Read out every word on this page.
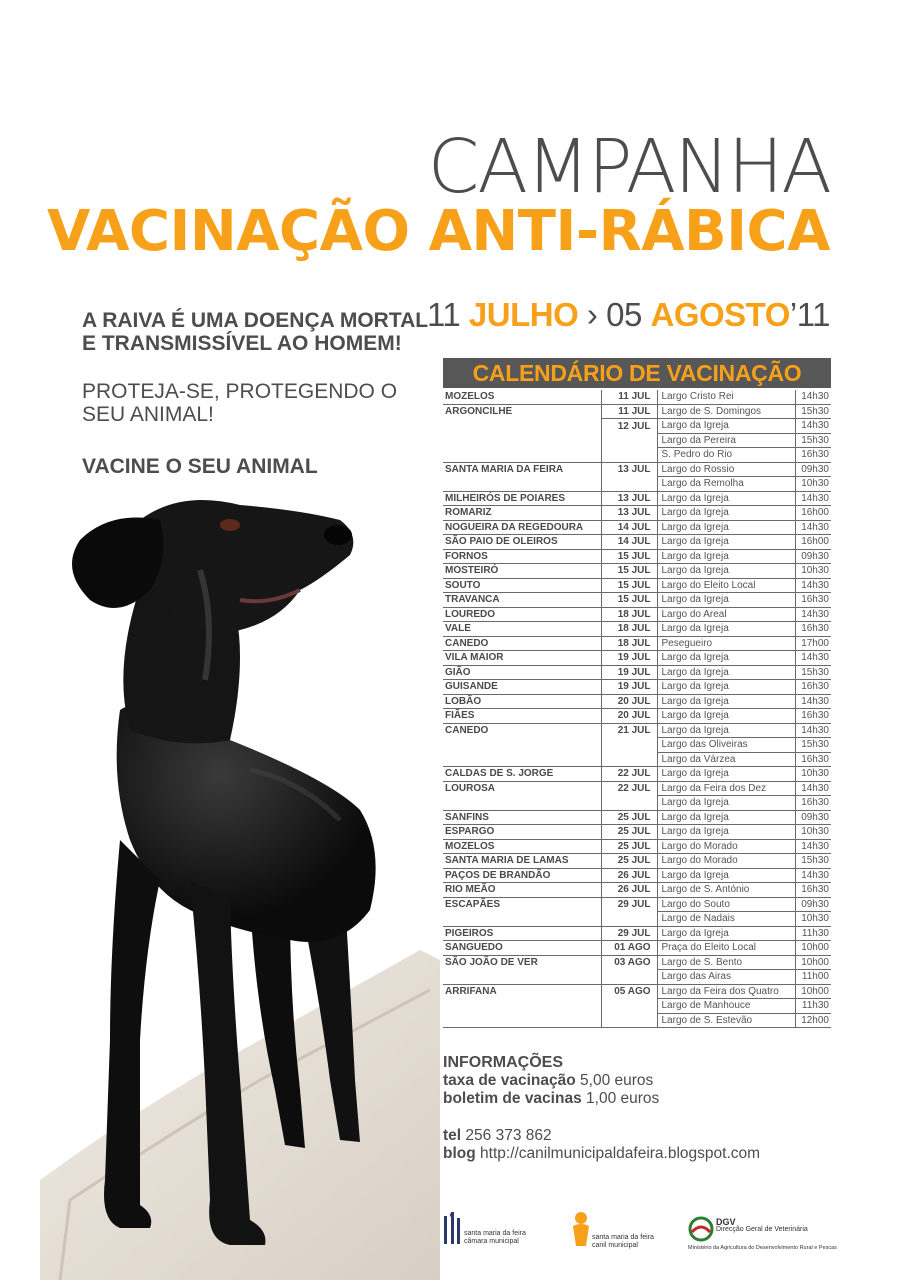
CAMPANHA
VACINAÇÃO ANTI-RÁBICA

A RAIVA É UMA DOENÇA MORTAL E TRANSMISSÍVEL AO HOMEM!

PROTEJA-SE, PROTEGENDO O SEU ANIMAL!

VACINE O SEU ANIMAL

11 JULHO › 05 AGOSTO’11
CALENDÁRIO DE VACINAÇÃO
MOZELOS	11 JUL	Largo Cristo Rei	14h30
ARGONCILHE	11 JUL	Largo de S. Domingos	15h30
	12 JUL	Largo da Igreja	14h30
		Largo da Pereira	15h30
		S. Pedro do Rio	16h30
SANTA MARIA DA FEIRA	13 JUL	Largo do Rossio	09h30
		Largo da Remolha	10h30
MILHEIRÓS DE POIARES	13 JUL	Largo da Igreja	14h30
ROMARIZ	13 JUL	Largo da Igreja	16h00
NOGUEIRA DA REGEDOURA	14 JUL	Largo da Igreja	14h30
SÃO PAIO DE OLEIROS	14 JUL	Largo da Igreja	16h00
FORNOS	15 JUL	Largo da Igreja	09h30
MOSTEIRÓ	15 JUL	Largo da Igreja	10h30
SOUTO	15 JUL	Largo do Eleito Local	14h30
TRAVANCA	15 JUL	Largo da Igreja	16h30
LOUREDO	18 JUL	Largo do Areal	14h30
VALE	18 JUL	Largo da Igreja	16h30
CANEDO	18 JUL	Pesegueiro	17h00
VILA MAIOR	19 JUL	Largo da Igreja	14h30
GIÃO	19 JUL	Largo da Igreja	15h30
GUISANDE	19 JUL	Largo da Igreja	16h30
LOBÃO	20 JUL	Largo da Igreja	14h30
FIÃES	20 JUL	Largo da Igreja	16h30
CANEDO	21 JUL	Largo da Igreja	14h30
		Largo das Oliveiras	15h30
		Largo da Várzea	16h30
CALDAS DE S. JORGE	22 JUL	Largo da Igreja	10h30
LOUROSA	22 JUL	Largo da Feira dos Dez	14h30
		Largo da Igreja	16h30
SANFINS	25 JUL	Largo da Igreja	09h30
ESPARGO	25 JUL	Largo da Igreja	10h30
MOZELOS	25 JUL	Largo do Morado	14h30
SANTA MARIA DE LAMAS	25 JUL	Largo do Morado	15h30
PAÇOS DE BRANDÃO	26 JUL	Largo da Igreja	14h30
RIO MEÃO	26 JUL	Largo de S. António	16h30
ESCAPÃES	29 JUL	Largo do Souto	09h30
		Largo de Nadais	10h30
PIGEIROS	29 JUL	Largo da Igreja	11h30
SANGUEDO	01 AGO	Praça do Eleito Local	10h00
SÃO JOÃO DE VER	03 AGO	Largo de S. Bento	10h00
		Largo das Airas	11h00
ARRIFANA	05 AGO	Largo da Feira dos Quatro	10h00
		Largo de Manhouce	11h30
		Largo de S. Estevão	12h00
INFORMAÇÕES
taxa de vacinação 5,00 euros
boletim de vacinas 1,00 euros
tel 256 373 862
blog http://canilmunicipaldafeira.blogspot.com
santa maria da feira
câmara municipal
santa maria da feira
canil municipal
DGV
Direcção Geral de Veterinária
Ministério da Agricultura do Desenvolvimento Rural e Pescas
